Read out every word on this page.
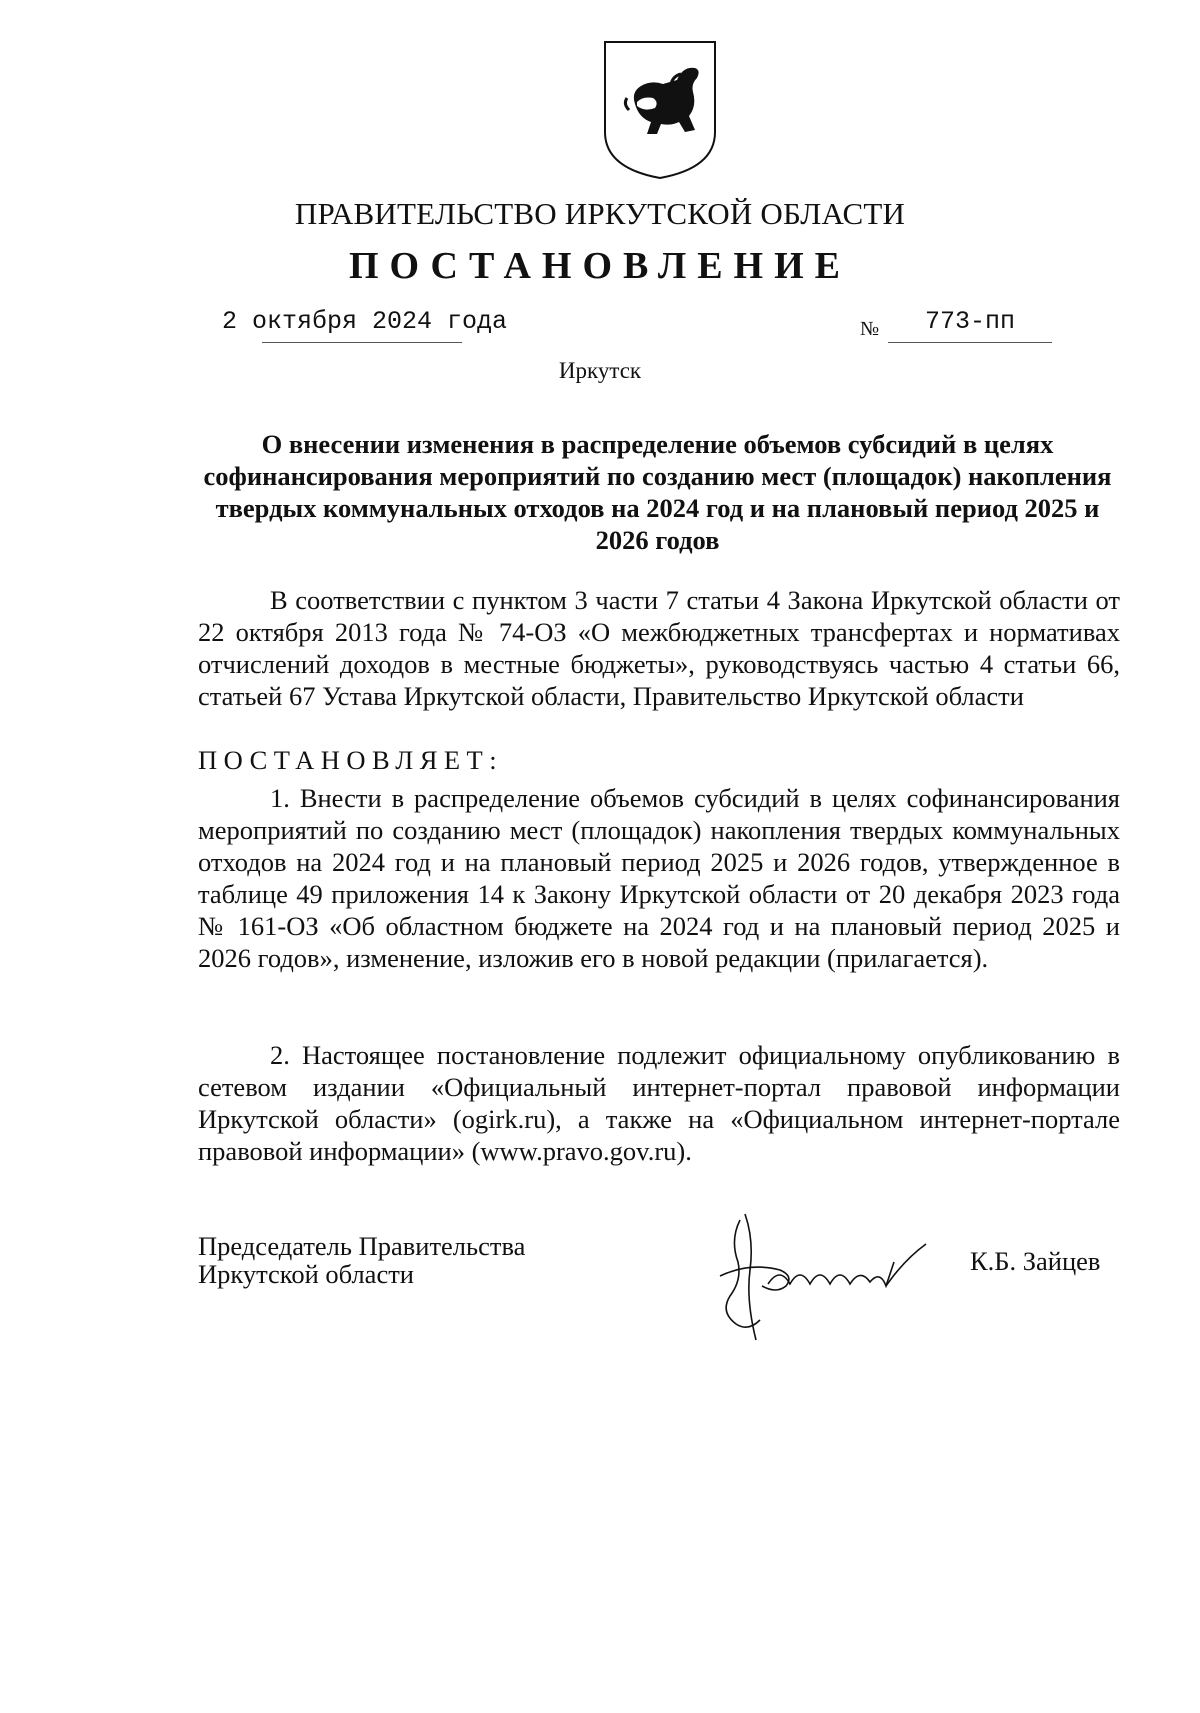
ПРАВИТЕЛЬСТВО ИРКУТСКОЙ ОБЛАСТИ
ПОСТАНОВЛЕНИЕ
2 октября 2024 года	№ 773-пп
Иркутск
О внесении изменения в распределение объемов субсидий в целях софинансирования мероприятий по созданию мест (площадок) накопления твердых коммунальных отходов на 2024 год и на плановый период 2025 и 2026 годов
В соответствии с пунктом 3 части 7 статьи 4 Закона Иркутской области от 22 октября 2013 года № 74-ОЗ «О межбюджетных трансфертах и нормативах отчислений доходов в местные бюджеты», руководствуясь частью 4 статьи 66, статьей 67 Устава Иркутской области, Правительство Иркутской области
ПОСТАНОВЛЯЕТ:
1. Внести в распределение объемов субсидий в целях софинансирования мероприятий по созданию мест (площадок) накопления твердых коммунальных отходов на 2024 год и на плановый период 2025 и 2026 годов, утвержденное в таблице 49 приложения 14 к Закону Иркутской области от 20 декабря 2023 года № 161-ОЗ «Об областном бюджете на 2024 год и на плановый период 2025 и 2026 годов», изменение, изложив его в новой редакции (прилагается).
2. Настоящее постановление подлежит официальному опубликованию в сетевом издании «Официальный интернет-портал правовой информации Иркутской области» (ogirk.ru), а также на «Официальном интернет-портале правовой информации» (www.pravo.gov.ru).
Председатель Правительства
Иркутской области	К.Б. Зайцев
